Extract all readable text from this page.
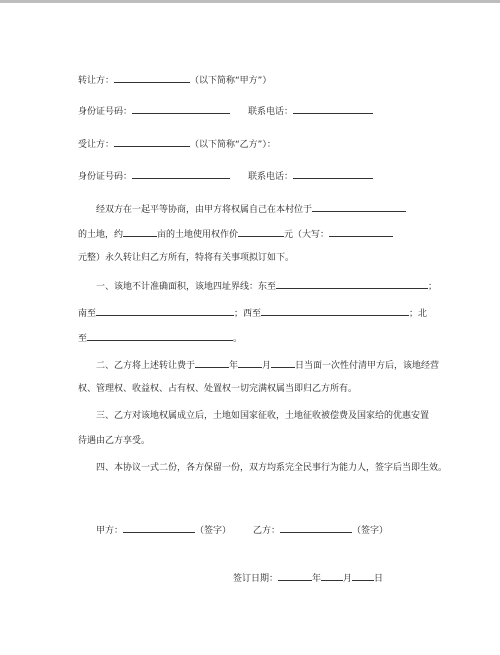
转让方：	（以下简称“甲方”）
身份证号码：	联系电话：
受让方：	（以下简称“乙方”）：
身份证号码：	联系电话：
经双方在一起平等协商，由甲方将权属自己在本村位于
的土地，约	亩的土地使用权作价	元（大写：
元整）永久转让归乙方所有，特将有关事项拟订如下。
一、该地不计准确面积，该地四址界线：东至	；
南至	；西至	；北
至	。
二、乙方将上述转让费于	年	月	日当面一次性付清甲方后，该地经营
权、管理权、收益权、占有权、处置权一切完满权属当即归乙方所有。
三、乙方对该地权属成立后，土地如国家征收，土地征收被偿费及国家给的优惠安置
待遇由乙方享受。
四、本协议一式二份，各方保留一份，双方均系完全民事行为能力人，签字后当即生效。
甲方：	（签字） 乙方：	（签字）
签订日期：	年 月 日
